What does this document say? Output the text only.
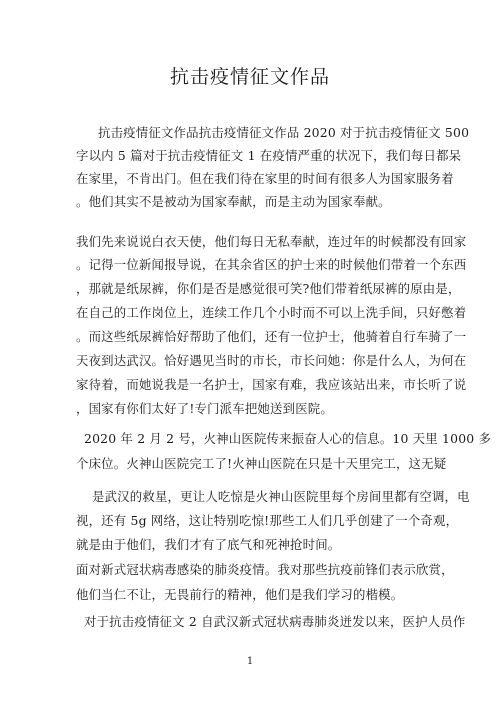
抗击疫情征文作品
抗击疫情征文作品抗击疫情征文作品 2020 对于抗击疫情征文 500
字以内 5 篇对于抗击疫情征文 1 在疫情严重的状况下，我们每日都呆
在家里，不肯出门。但在我们待在家里的时间有很多人为国家服务着
。他们其实不是被动为国家奉献，而是主动为国家奉献。
我们先来说说白衣天使，他们每日无私奉献，连过年的时候都没有回家
。记得一位新闻报导说，在其余省区的护士来的时候他们带着一个东西
，那就是纸尿裤，你们是否是感觉很可笑?他们带着纸尿裤的原由是，
在自己的工作岗位上，连续工作几个小时而不可以上洗手间，只好憋着
。而这些纸尿裤恰好帮助了他们，还有一位护士，他骑着自行车骑了一
天夜到达武汉。恰好遇见当时的市长，市长问她：你是什么人，为何在
家待着，而她说我是一名护士，国家有难，我应该站出来，市长听了说
，国家有你们太好了!专门派车把她送到医院。
2020 年 2 月 2 号，火神山医院传来振奋人心的信息。10 天里 1000 多
个床位。火神山医院完工了!火神山医院在只是十天里完工，这无疑
是武汉的救星，更让人吃惊是火神山医院里每个房间里都有空调，电
视，还有 5g 网络，这让特别吃惊!那些工人们几乎创建了一个奇观，
就是由于他们，我们才有了底气和死神抢时间。
面对新式冠状病毒感染的肺炎疫情。我对那些抗疫前锋们表示欣赏，
他们当仁不让，无畏前行的精神，他们是我们学习的楷模。
对于抗击疫情征文 2 自武汉新式冠状病毒肺炎迸发以来，医护人员作
1
